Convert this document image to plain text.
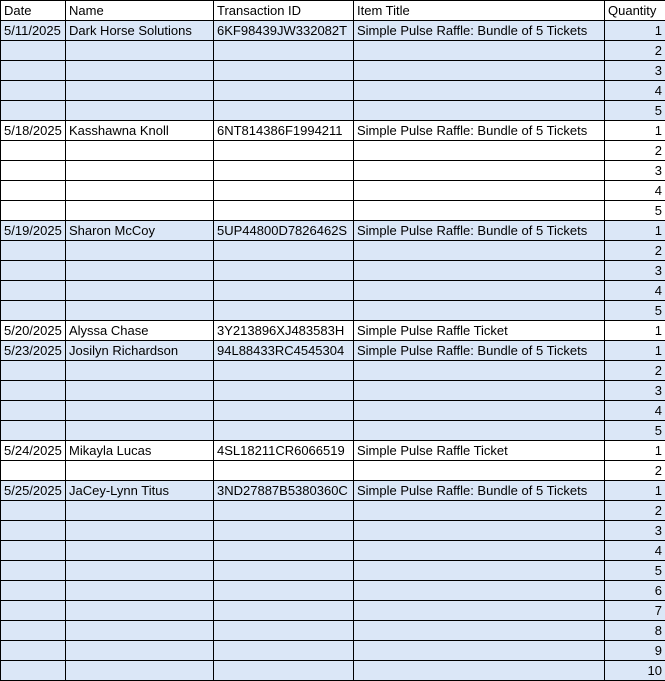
Date	Name	Transaction ID	Item Title	Quantity
5/11/2025	Dark Horse Solutions	6KF98439JW332082T	Simple Pulse Raffle: Bundle of 5 Tickets	1
				2
				3
				4
				5
5/18/2025	Kasshawna Knoll	6NT814386F1994211	Simple Pulse Raffle: Bundle of 5 Tickets	1
				2
				3
				4
				5
5/19/2025	Sharon McCoy	5UP44800D7826462S	Simple Pulse Raffle: Bundle of 5 Tickets	1
				2
				3
				4
				5
5/20/2025	Alyssa Chase	3Y213896XJ483583H	Simple Pulse Raffle Ticket	1
5/23/2025	Josilyn Richardson	94L88433RC4545304	Simple Pulse Raffle: Bundle of 5 Tickets	1
				2
				3
				4
				5
5/24/2025	Mikayla Lucas	4SL18211CR6066519	Simple Pulse Raffle Ticket	1
				2
5/25/2025	JaCey-Lynn Titus	3ND27887B5380360C	Simple Pulse Raffle: Bundle of 5 Tickets	1
				2
				3
				4
				5
				6
				7
				8
				9
				10
